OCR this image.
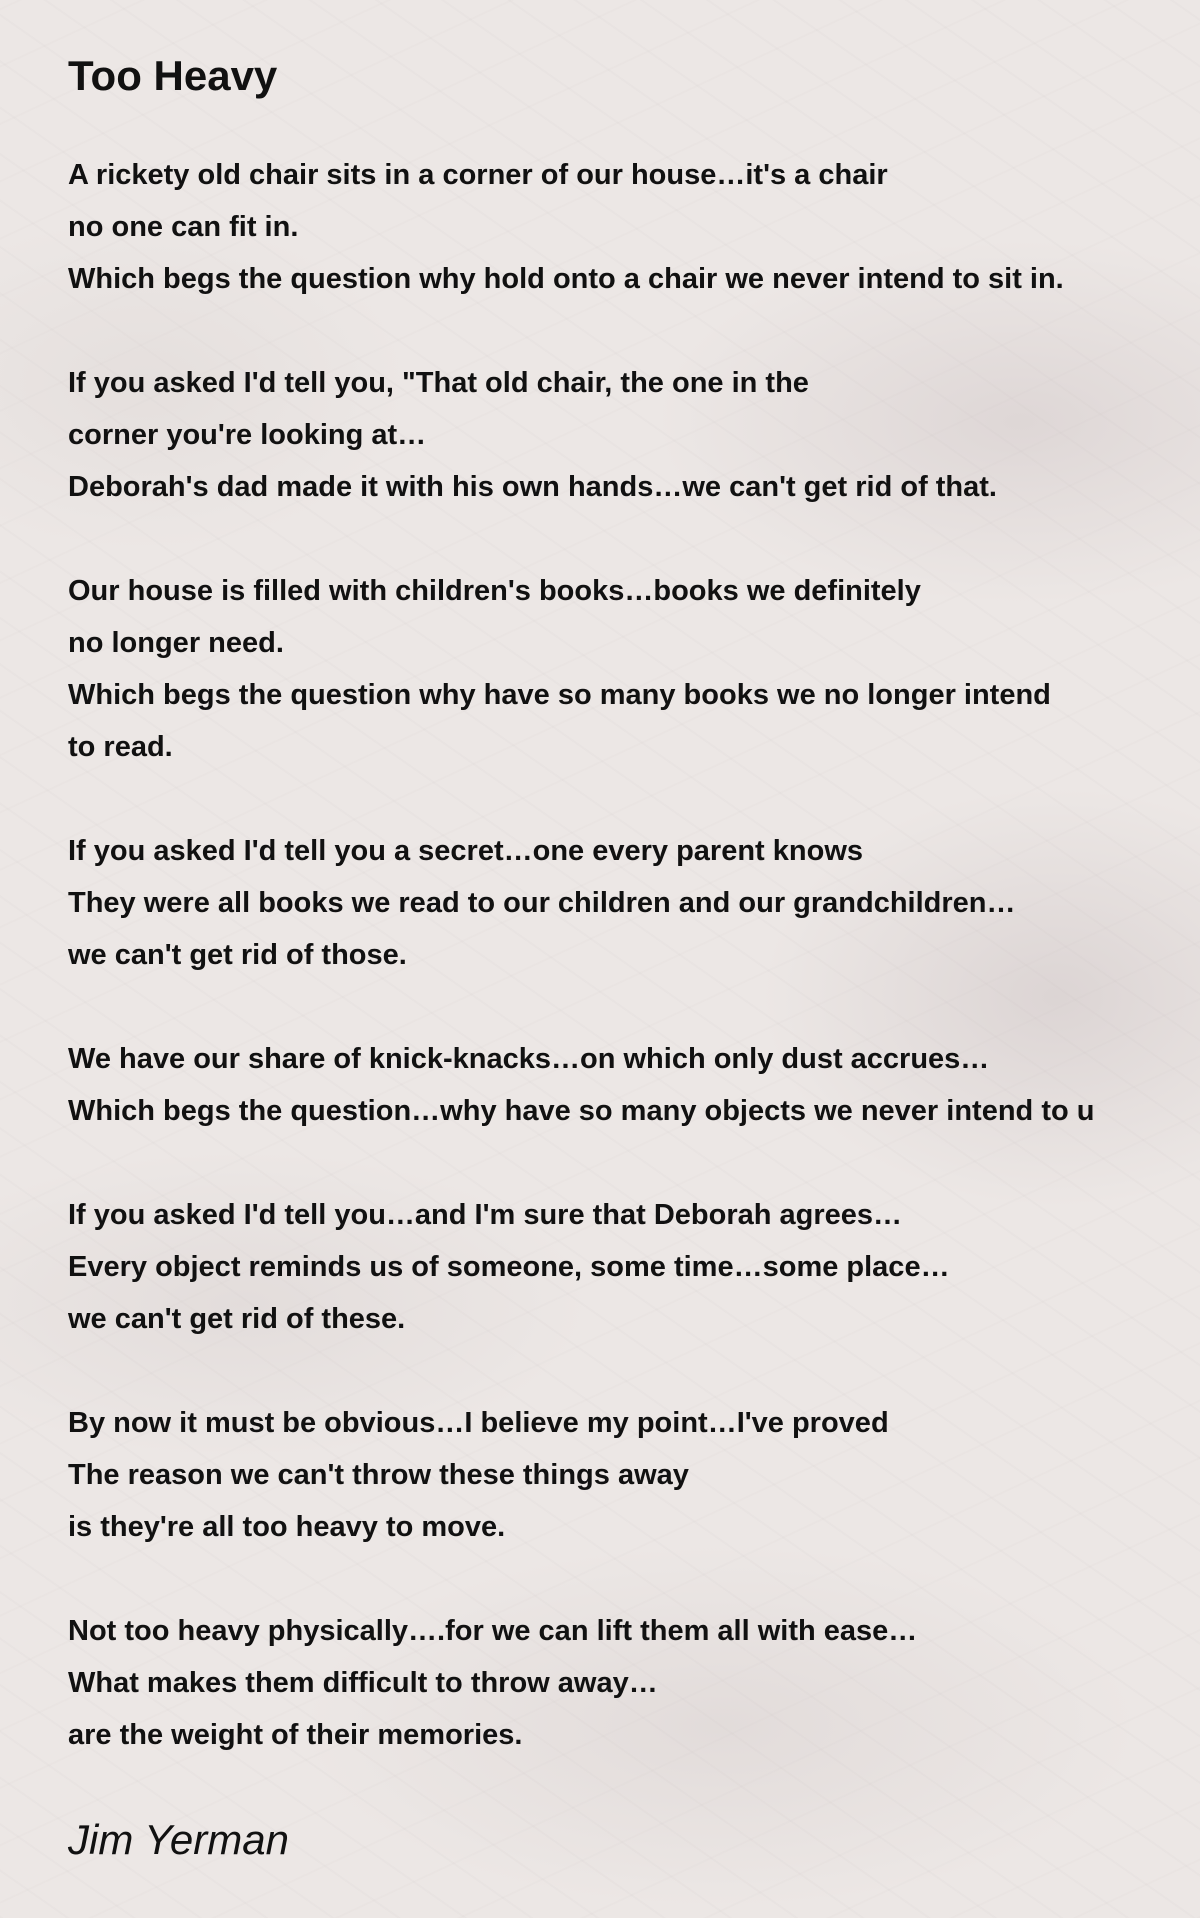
Too Heavy
A rickety old chair sits in a corner of our house…it's a chair
no one can fit in.
Which begs the question why hold onto a chair we never intend to sit in.
If you asked I'd tell you, "That old chair, the one in the
corner you're looking at…
Deborah's dad made it with his own hands…we can't get rid of that.
Our house is filled with children's books…books we definitely
no longer need.
Which begs the question why have so many books we no longer intend
to read.
If you asked I'd tell you a secret…one every parent knows
They were all books we read to our children and our grandchildren…
we can't get rid of those.
We have our share of knick-knacks…on which only dust accrues…
Which begs the question…why have so many objects we never intend to u
If you asked I'd tell you…and I'm sure that Deborah agrees…
Every object reminds us of someone, some time…some place…
we can't get rid of these.
By now it must be obvious…I believe my point…I've proved
The reason we can't throw these things away
is they're all too heavy to move.
Not too heavy physically….for we can lift them all with ease…
What makes them difficult to throw away…
are the weight of their memories.
Jim Yerman
